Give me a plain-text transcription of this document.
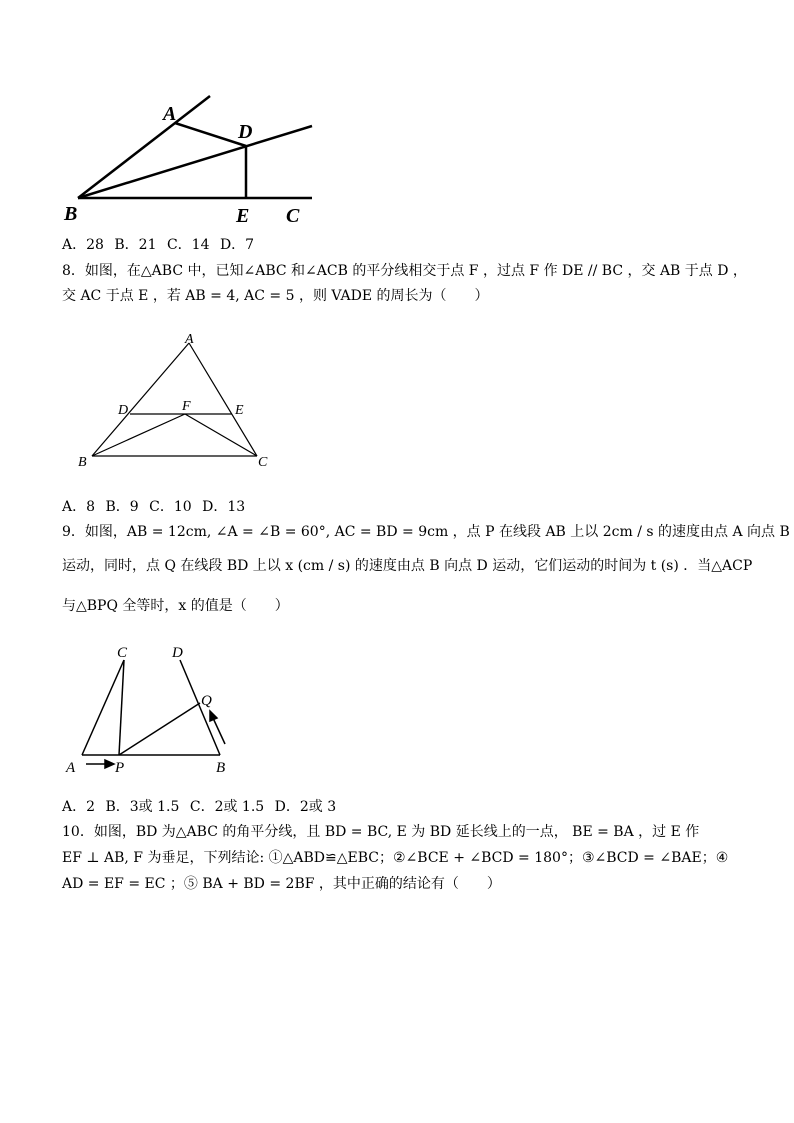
A
D
B	E C
A．28 B．21 C．14 D．7
8．如图，在△ABC 中，已知∠ABC 和∠ACB 的平分线相交于点 F ，过点 F 作 DE // BC ，交 AB 于点 D ，
交 AC 于点 E ，若 AB = 4, AC = 5 ，则 VADE 的周长为（　　）
A
D	F	E
B	C
A．8 B．9 C．10 D．13
9．如图，AB = 12cm, ∠A = ∠B = 60°, AC = BD = 9cm ，点 P 在线段 AB 上以 2cm / s 的速度由点 A 向点 B
运动，同时，点 Q 在线段 BD 上以 x (cm / s) 的速度由点 B 向点 D 运动，它们运动的时间为 t (s) ．当△ACP
与△BPQ 全等时，x 的值是（　　）
C	D
Q
A	P	B
A．2 B．3或 1.5 C．2或 1.5 D．2或 3
10．如图，BD 为△ABC 的角平分线，且 BD = BC, E 为 BD 延长线上的一点， BE = BA ，过 E 作
EF ⊥ AB, F 为垂足，下列结论: ①△ABD≌△EBC；②∠BCE + ∠BCD = 180°；③∠BCD = ∠BAE；④
AD = EF = EC ；⑤ BA + BD = 2BF ，其中正确的结论有（　　）
